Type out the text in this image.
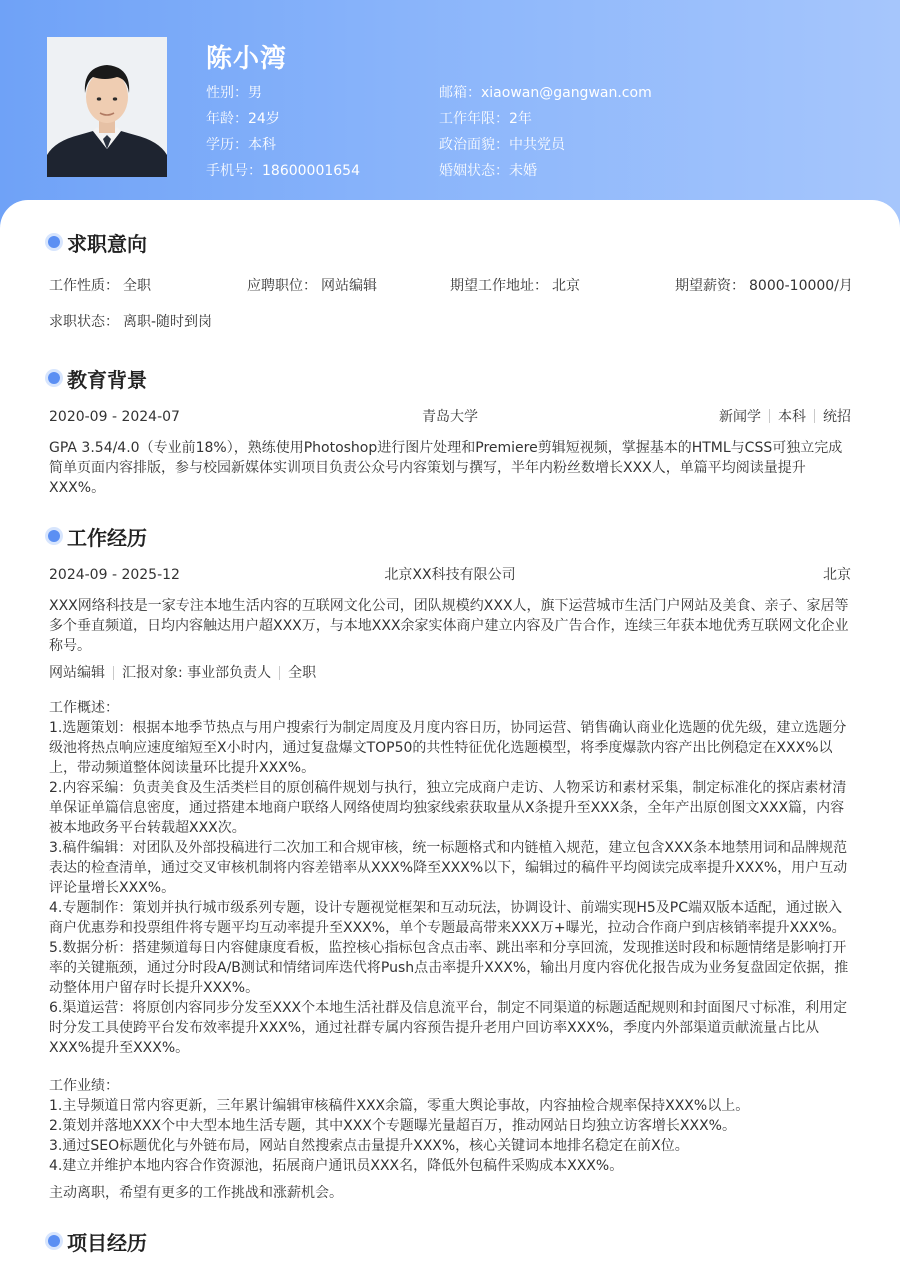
陈小湾
性别：男
年龄：24岁
学历：本科
手机号：18600001654
邮箱：xiaowan@gangwan.com
工作年限：2年
政治面貌：中共党员
婚姻状态：未婚
求职意向
工作性质： 全职	应聘职位： 网站编辑	期望工作地址： 北京	期望薪资： 8000-10000/月
求职状态： 离职-随时到岗
教育背景
2020-09 - 2024-07	青岛大学	新闻学 本科 统招
GPA 3.54/4.0（专业前18%），熟练使用Photoshop进行图片处理和Premiere剪辑短视频，掌握基本的HTML与CSS可独立完成简单页面内容排版，参与校园新媒体实训项目负责公众号内容策划与撰写，半年内粉丝数增长XXX人，单篇平均阅读量提升XXX%。
工作经历
2024-09 - 2025-12	北京XX科技有限公司	北京
XXX网络科技是一家专注本地生活内容的互联网文化公司，团队规模约XXX人，旗下运营城市生活门户网站及美食、亲子、家居等多个垂直频道，日均内容触达用户超XXX万，与本地XXX余家实体商户建立内容及广告合作，连续三年获本地优秀互联网文化企业称号。
网站编辑 汇报对象: 事业部负责人 全职
工作概述：
1.选题策划：根据本地季节热点与用户搜索行为制定周度及月度内容日历，协同运营、销售确认商业化选题的优先级，建立选题分级池将热点响应速度缩短至X小时内，通过复盘爆文TOP50的共性特征优化选题模型，将季度爆款内容产出比例稳定在XXX%以上，带动频道整体阅读量环比提升XXX%。
2.内容采编：负责美食及生活类栏目的原创稿件规划与执行，独立完成商户走访、人物采访和素材采集，制定标准化的探店素材清单保证单篇信息密度，通过搭建本地商户联络人网络使周均独家线索获取量从X条提升至XXX条，全年产出原创图文XXX篇，内容被本地政务平台转载超XXX次。
3.稿件编辑：对团队及外部投稿进行二次加工和合规审核，统一标题格式和内链植入规范，建立包含XXX条本地禁用词和品牌规范表达的检查清单，通过交叉审核机制将内容差错率从XXX%降至XXX%以下，编辑过的稿件平均阅读完成率提升XXX%，用户互动评论量增长XXX%。
4.专题制作：策划并执行城市级系列专题，设计专题视觉框架和互动玩法，协调设计、前端实现H5及PC端双版本适配，通过嵌入商户优惠券和投票组件将专题平均互动率提升至XXX%，单个专题最高带来XXX万+曝光，拉动合作商户到店核销率提升XXX%。
5.数据分析：搭建频道每日内容健康度看板，监控核心指标包含点击率、跳出率和分享回流，发现推送时段和标题情绪是影响打开率的关键瓶颈，通过分时段A/B测试和情绪词库迭代将Push点击率提升XXX%，输出月度内容优化报告成为业务复盘固定依据，推动整体用户留存时长提升XXX%。
6.渠道运营：将原创内容同步分发至XXX个本地生活社群及信息流平台，制定不同渠道的标题适配规则和封面图尺寸标准，利用定时分发工具使跨平台发布效率提升XXX%，通过社群专属内容预告提升老用户回访率XXX%，季度内外部渠道贡献流量占比从XXX%提升至XXX%。
工作业绩：
1.主导频道日常内容更新，三年累计编辑审核稿件XXX余篇，零重大舆论事故，内容抽检合规率保持XXX%以上。
2.策划并落地XXX个中大型本地生活专题，其中XXX个专题曝光量超百万，推动网站日均独立访客增长XXX%。
3.通过SEO标题优化与外链布局，网站自然搜索点击量提升XXX%，核心关键词本地排名稳定在前X位。
4.建立并维护本地内容合作资源池，拓展商户通讯员XXX名，降低外包稿件采购成本XXX%。
主动离职，希望有更多的工作挑战和涨薪机会。
项目经历
